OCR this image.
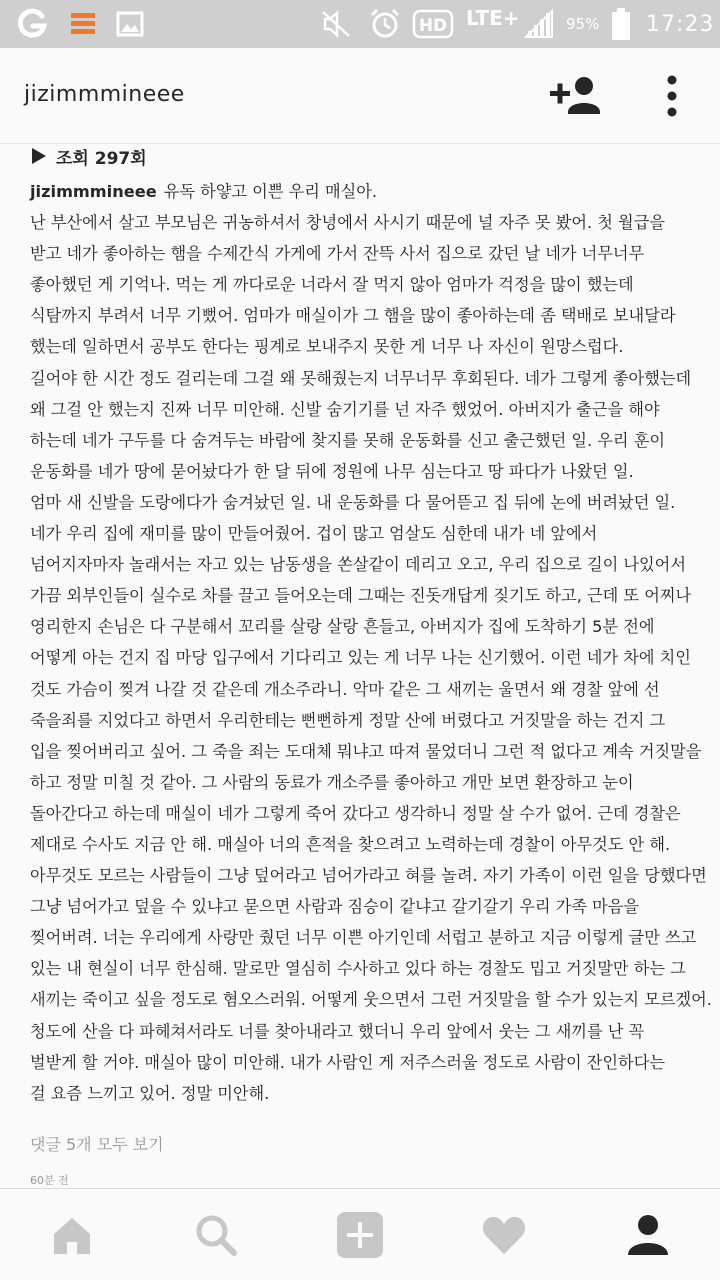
HD LTE+	95% 17:23
jizimmmineee
조회 297회
jizimmmineee 유독 하얗고 이쁜 우리 매실아.
난 부산에서 살고 부모님은 귀농하셔서 창녕에서 사시기 때문에 널 자주 못 봤어. 첫 월급을
받고 네가 좋아하는 햄을 수제간식 가게에 가서 잔뜩 사서 집으로 갔던 날 네가 너무너무
좋아했던 게 기억나. 먹는 게 까다로운 너라서 잘 먹지 않아 엄마가 걱정을 많이 했는데
식탐까지 부려서 너무 기뻤어. 엄마가 매실이가 그 햄을 많이 좋아하는데 좀 택배로 보내달라
했는데 일하면서 공부도 한다는 핑계로 보내주지 못한 게 너무 나 자신이 원망스럽다.
길어야 한 시간 정도 걸리는데 그걸 왜 못해줬는지 너무너무 후회된다. 네가 그렇게 좋아했는데
왜 그걸 안 했는지 진짜 너무 미안해. 신발 숨기기를 넌 자주 했었어. 아버지가 출근을 해야
하는데 네가 구두를 다 숨겨두는 바람에 찾지를 못해 운동화를 신고 출근했던 일. 우리 훈이
운동화를 네가 땅에 묻어놨다가 한 달 뒤에 정원에 나무 심는다고 땅 파다가 나왔던 일.
엄마 새 신발을 도랑에다가 숨겨놨던 일. 내 운동화를 다 물어뜯고 집 뒤에 논에 버려놨던 일.
네가 우리 집에 재미를 많이 만들어줬어. 겁이 많고 엄살도 심한데 내가 네 앞에서
넘어지자마자 놀래서는 자고 있는 남동생을 쏜살같이 데리고 오고, 우리 집으로 길이 나있어서
가끔 외부인들이 실수로 차를 끌고 들어오는데 그때는 진돗개답게 짖기도 하고, 근데 또 어찌나
영리한지 손님은 다 구분해서 꼬리를 살랑 살랑 흔들고, 아버지가 집에 도착하기 5분 전에
어떻게 아는 건지 집 마당 입구에서 기다리고 있는 게 너무 나는 신기했어. 이런 네가 차에 치인
것도 가슴이 찢겨 나갈 것 같은데 개소주라니. 악마 같은 그 새끼는 울면서 왜 경찰 앞에 선
죽을죄를 지었다고 하면서 우리한테는 뻔뻔하게 정말 산에 버렸다고 거짓말을 하는 건지 그
입을 찢어버리고 싶어. 그 죽을 죄는 도대체 뭐냐고 따져 물었더니 그런 적 없다고 계속 거짓말을
하고 정말 미칠 것 같아. 그 사람의 동료가 개소주를 좋아하고 개만 보면 환장하고 눈이
돌아간다고 하는데 매실이 네가 그렇게 죽어 갔다고 생각하니 정말 살 수가 없어. 근데 경찰은
제대로 수사도 지금 안 해. 매실아 너의 흔적을 찾으려고 노력하는데 경찰이 아무것도 안 해.
아무것도 모르는 사람들이 그냥 덮어라고 넘어가라고 혀를 놀려. 자기 가족이 이런 일을 당했다면
그냥 넘어가고 덮을 수 있냐고 묻으면 사람과 짐승이 같냐고 갈기갈기 우리 가족 마음을
찢어버려. 너는 우리에게 사랑만 줬던 너무 이쁜 아기인데 서럽고 분하고 지금 이렇게 글만 쓰고
있는 내 현실이 너무 한심해. 말로만 열심히 수사하고 있다 하는 경찰도 밉고 거짓말만 하는 그
새끼는 죽이고 싶을 정도로 혐오스러워. 어떻게 웃으면서 그런 거짓말을 할 수가 있는지 모르겠어.
청도에 산을 다 파헤쳐서라도 너를 찾아내라고 했더니 우리 앞에서 웃는 그 새끼를 난 꼭
벌받게 할 거야. 매실아 많이 미안해. 내가 사람인 게 저주스러울 정도로 사람이 잔인하다는
걸 요즘 느끼고 있어. 정말 미안해.
댓글 5개 모두 보기
60분 전
